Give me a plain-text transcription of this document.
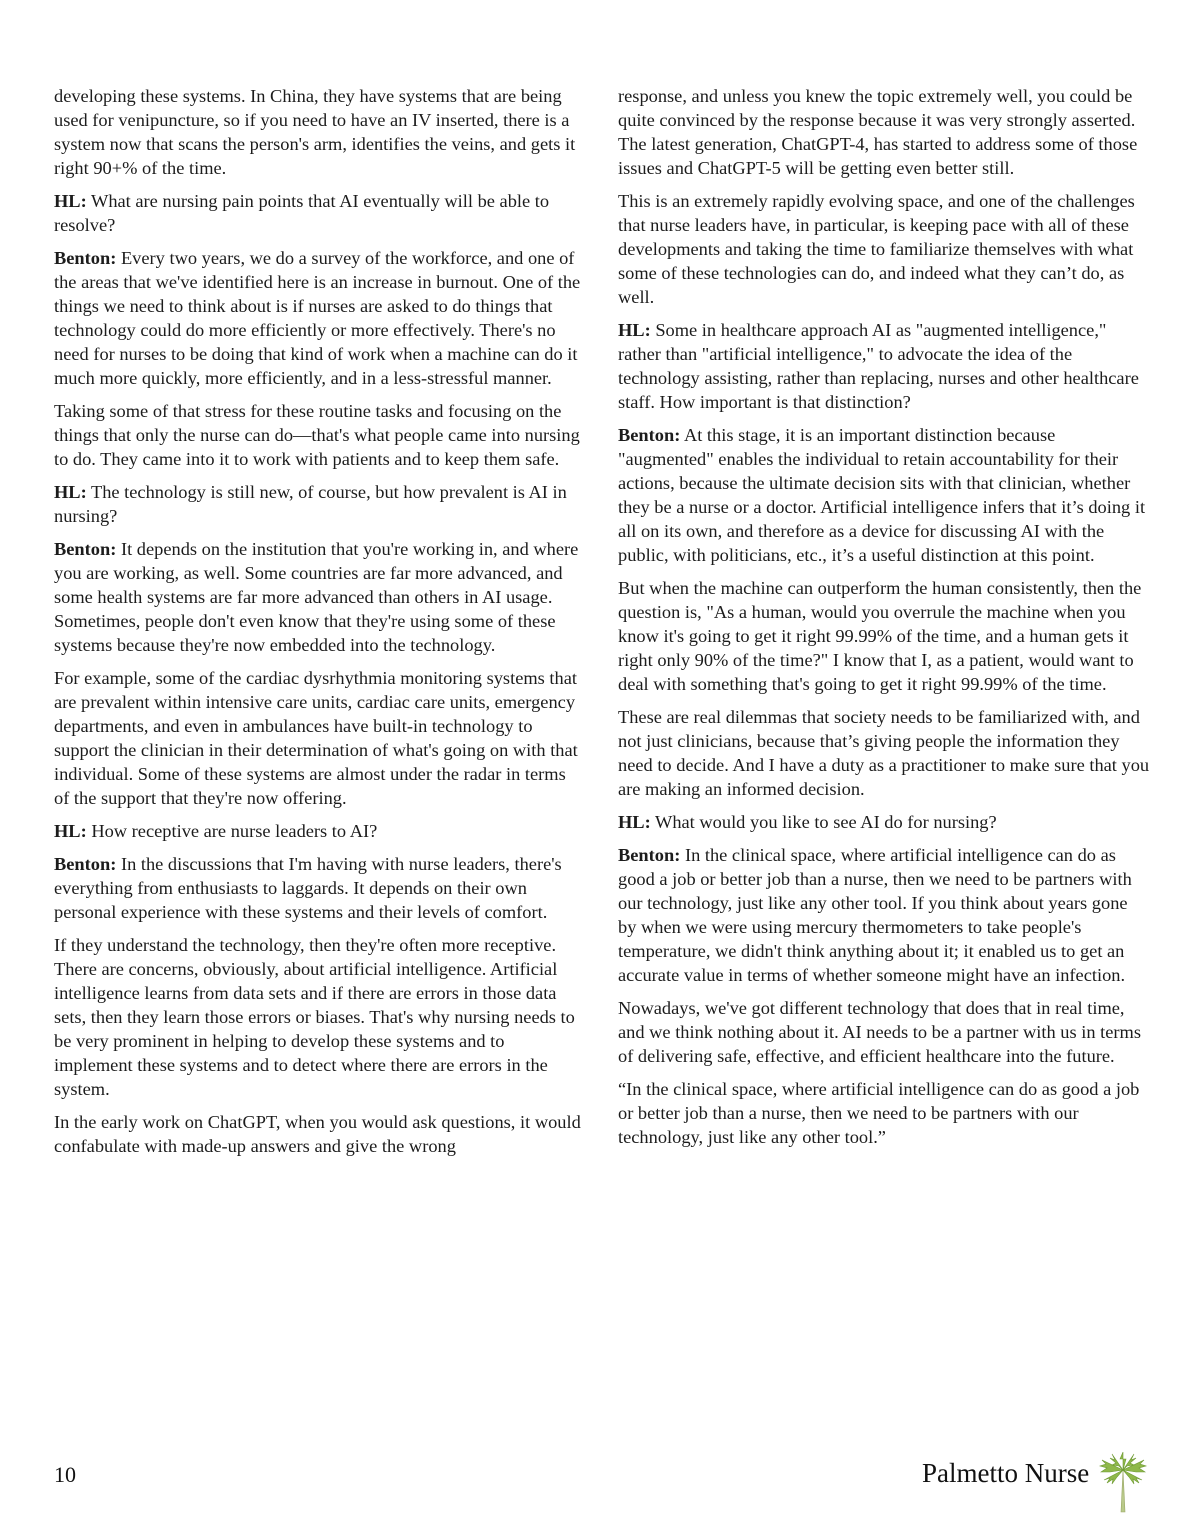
developing these systems. In China, they have systems that are being used for venipuncture, so if you need to have an IV inserted, there is a system now that scans the person's arm, identifies the veins, and gets it right 90+% of the time.

HL: What are nursing pain points that AI eventually will be able to resolve?

Benton: Every two years, we do a survey of the workforce, and one of the areas that we've identified here is an increase in burnout. One of the things we need to think about is if nurses are asked to do things that technology could do more efficiently or more effectively. There's no need for nurses to be doing that kind of work when a machine can do it much more quickly, more efficiently, and in a less-stressful manner.

Taking some of that stress for these routine tasks and focusing on the things that only the nurse can do—that's what people came into nursing to do. They came into it to work with patients and to keep them safe.

HL: The technology is still new, of course, but how prevalent is AI in nursing?

Benton: It depends on the institution that you're working in, and where you are working, as well. Some countries are far more advanced, and some health systems are far more advanced than others in AI usage. Sometimes, people don't even know that they're using some of these systems because they're now embedded into the technology.

For example, some of the cardiac dysrhythmia monitoring systems that are prevalent within intensive care units, cardiac care units, emergency departments, and even in ambulances have built-in technology to support the clinician in their determination of what's going on with that individual. Some of these systems are almost under the radar in terms of the support that they're now offering.

HL: How receptive are nurse leaders to AI?

Benton: In the discussions that I'm having with nurse leaders, there's everything from enthusiasts to laggards. It depends on their own personal experience with these systems and their levels of comfort.

If they understand the technology, then they're often more receptive. There are concerns, obviously, about artificial intelligence. Artificial intelligence learns from data sets and if there are errors in those data sets, then they learn those errors or biases. That's why nursing needs to be very prominent in helping to develop these systems and to implement these systems and to detect where there are errors in the system.

In the early work on ChatGPT, when you would ask questions, it would confabulate with made-up answers and give the wrong

response, and unless you knew the topic extremely well, you could be quite convinced by the response because it was very strongly asserted. The latest generation, ChatGPT-4, has started to address some of those issues and ChatGPT-5 will be getting even better still.

This is an extremely rapidly evolving space, and one of the challenges that nurse leaders have, in particular, is keeping pace with all of these developments and taking the time to familiarize themselves with what some of these technologies can do, and indeed what they can’t do, as well.

HL: Some in healthcare approach AI as "augmented intelligence," rather than "artificial intelligence," to advocate the idea of the technology assisting, rather than replacing, nurses and other healthcare staff. How important is that distinction?

Benton: At this stage, it is an important distinction because "augmented" enables the individual to retain accountability for their actions, because the ultimate decision sits with that clinician, whether they be a nurse or a doctor. Artificial intelligence infers that it’s doing it all on its own, and therefore as a device for discussing AI with the public, with politicians, etc., it’s a useful distinction at this point.

But when the machine can outperform the human consistently, then the question is, "As a human, would you overrule the machine when you know it's going to get it right 99.99% of the time, and a human gets it right only 90% of the time?" I know that I, as a patient, would want to deal with something that's going to get it right 99.99% of the time.

These are real dilemmas that society needs to be familiarized with, and not just clinicians, because that’s giving people the information they need to decide. And I have a duty as a practitioner to make sure that you are making an informed decision.

HL: What would you like to see AI do for nursing?

Benton: In the clinical space, where artificial intelligence can do as good a job or better job than a nurse, then we need to be partners with our technology, just like any other tool. If you think about years gone by when we were using mercury thermometers to take people's temperature, we didn't think anything about it; it enabled us to get an accurate value in terms of whether someone might have an infection.

Nowadays, we've got different technology that does that in real time, and we think nothing about it. AI needs to be a partner with us in terms of delivering safe, effective, and efficient healthcare into the future.

“In the clinical space, where artificial intelligence can do as good a job or better job than a nurse, then we need to be partners with our technology, just like any other tool.”

10	Palmetto Nurse
